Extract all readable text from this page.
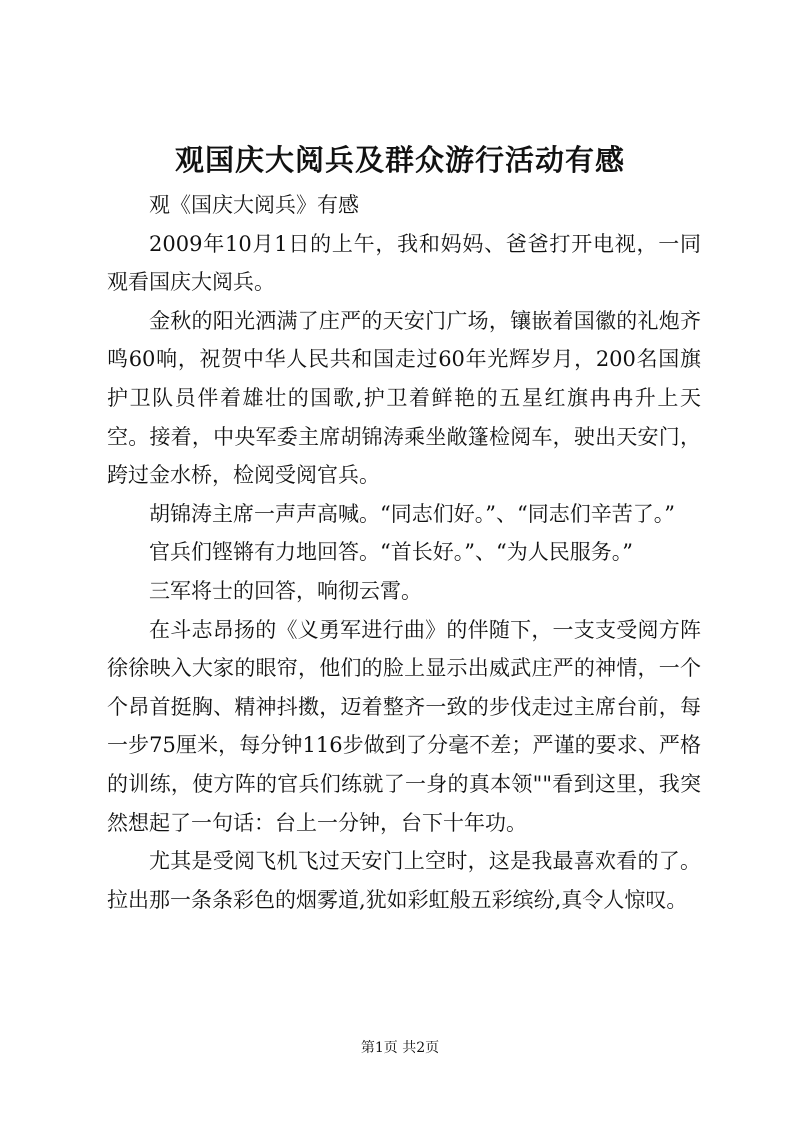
观国庆大阅兵及群众游行活动有感

观《国庆大阅兵》有感

2009年10月1日的上午，我和妈妈、爸爸打开电视，一同观看国庆大阅兵。

金秋的阳光洒满了庄严的天安门广场，镶嵌着国徽的礼炮齐鸣60响，祝贺中华人民共和国走过60年光辉岁月，200名国旗护卫队员伴着雄壮的国歌,护卫着鲜艳的五星红旗冉冉升上天空。接着，中央军委主席胡锦涛乘坐敞篷检阅车，驶出天安门，跨过金水桥，检阅受阅官兵。

胡锦涛主席一声声高喊。“同志们好。”、“同志们辛苦了。”

官兵们铿锵有力地回答。“首长好。”、“为人民服务。”

三军将士的回答，响彻云霄。

在斗志昂扬的《义勇军进行曲》的伴随下，一支支受阅方阵徐徐映入大家的眼帘，他们的脸上显示出威武庄严的神情，一个个昂首挺胸、精神抖擞，迈着整齐一致的步伐走过主席台前，每一步75厘米，每分钟116步做到了分毫不差；严谨的要求、严格的训练，使方阵的官兵们练就了一身的真本领""看到这里，我突然想起了一句话：台上一分钟，台下十年功。

尤其是受阅飞机飞过天安门上空时，这是我最喜欢看的了。拉出那一条条彩色的烟雾道,犹如彩虹般五彩缤纷,真令人惊叹。

第1页 共2页
